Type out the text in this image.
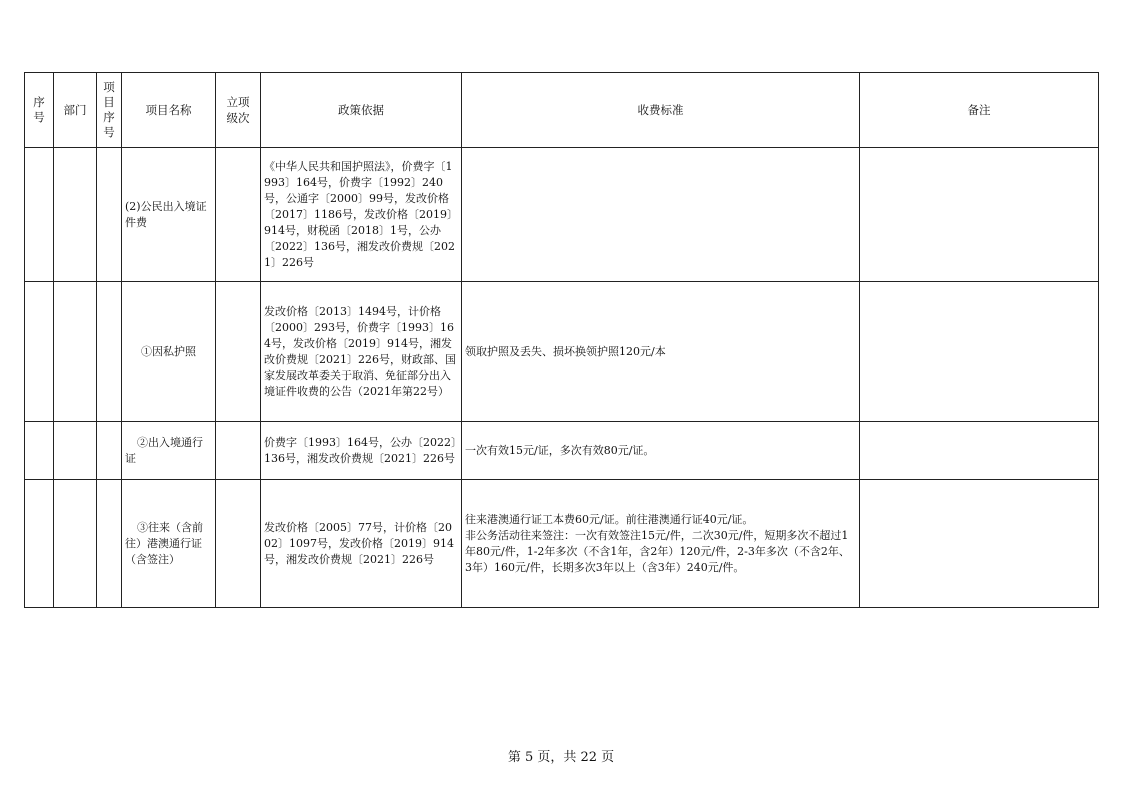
序号	部门	项目序号	项目名称	立项级次	政策依据	收费标准	备注
			(2)公民出入境证件费		《中华人民共和国护照法》，价费字〔1993〕164号，价费字〔1992〕240号，公通字〔2000〕99号，发改价格〔2017〕1186号，发改价格〔2019〕914号，财税函〔2018〕1号，公办〔2022〕136号，湘发改价费规〔2021〕226号		
			①因私护照		发改价格〔2013〕1494号，计价格〔2000〕293号，价费字〔1993〕164号，发改价格〔2019〕914号，湘发改价费规〔2021〕226号，财政部、国家发展改革委关于取消、免征部分出入境证件收费的公告（2021年第22号）	领取护照及丢失、损坏换领护照120元/本	
			②出入境通行证		价费字〔1993〕164号，公办〔2022〕136号，湘发改价费规〔2021〕226号	一次有效15元/证，多次有效80元/证。	
			③往来（含前往）港澳通行证（含签注）		发改价格〔2005〕77号，计价格〔2002〕1097号，发改价格〔2019〕914号，湘发改价费规〔2021〕226号	往来港澳通行证工本费60元/证。前往港澳通行证40元/证。
非公务活动往来签注：一次有效签注15元/件，二次30元/件，短期多次不超过1年80元/件，1-2年多次（不含1年，含2年）120元/件，2-3年多次（不含2年、3年）160元/件，长期多次3年以上（含3年）240元/件。	

第 5 页，共 22 页
